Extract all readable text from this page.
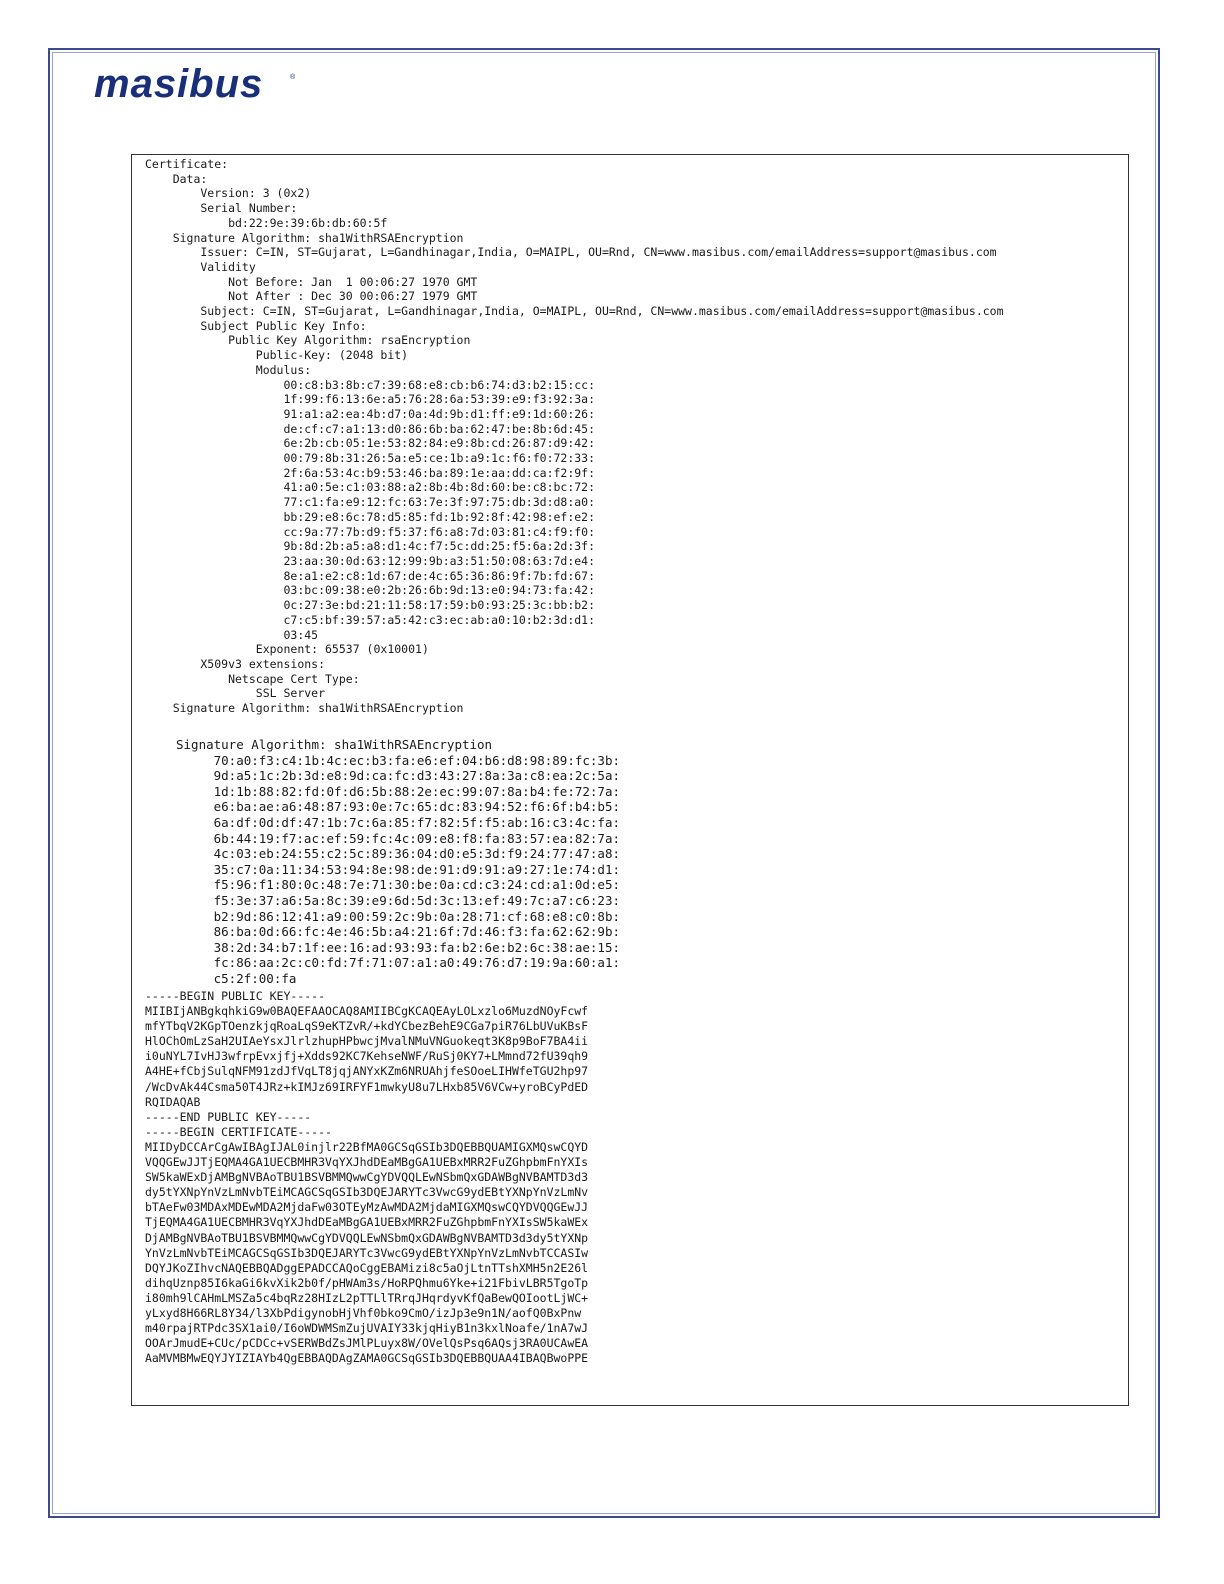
masibus	®
Certificate:
Data:
Version: 3 (0x2)
Serial Number:
bd:22:9e:39:6b:db:60:5f
Signature Algorithm: sha1WithRSAEncryption
Issuer: C=IN, ST=Gujarat, L=Gandhinagar,India, O=MAIPL, OU=Rnd, CN=www.masibus.com/emailAddress=support@masibus.com
Validity
Not Before: Jan  1 00:06:27 1970 GMT
Not After : Dec 30 00:06:27 1979 GMT
Subject: C=IN, ST=Gujarat, L=Gandhinagar,India, O=MAIPL, OU=Rnd, CN=www.masibus.com/emailAddress=support@masibus.com
Subject Public Key Info:
Public Key Algorithm: rsaEncryption
Public-Key: (2048 bit)
Modulus:
00:c8:b3:8b:c7:39:68:e8:cb:b6:74:d3:b2:15:cc:
1f:99:f6:13:6e:a5:76:28:6a:53:39:e9:f3:92:3a:
91:a1:a2:ea:4b:d7:0a:4d:9b:d1:ff:e9:1d:60:26:
de:cf:c7:a1:13:d0:86:6b:ba:62:47:be:8b:6d:45:
6e:2b:cb:05:1e:53:82:84:e9:8b:cd:26:87:d9:42:
00:79:8b:31:26:5a:e5:ce:1b:a9:1c:f6:f0:72:33:
2f:6a:53:4c:b9:53:46:ba:89:1e:aa:dd:ca:f2:9f:
41:a0:5e:c1:03:88:a2:8b:4b:8d:60:be:c8:bc:72:
77:c1:fa:e9:12:fc:63:7e:3f:97:75:db:3d:d8:a0:
bb:29:e8:6c:78:d5:85:fd:1b:92:8f:42:98:ef:e2:
cc:9a:77:7b:d9:f5:37:f6:a8:7d:03:81:c4:f9:f0:
9b:8d:2b:a5:a8:d1:4c:f7:5c:dd:25:f5:6a:2d:3f:
23:aa:30:0d:63:12:99:9b:a3:51:50:08:63:7d:e4:
8e:a1:e2:c8:1d:67:de:4c:65:36:86:9f:7b:fd:67:
03:bc:09:38:e0:2b:26:6b:9d:13:e0:94:73:fa:42:
0c:27:3e:bd:21:11:58:17:59:b0:93:25:3c:bb:b2:
c7:c5:bf:39:57:a5:42:c3:ec:ab:a0:10:b2:3d:d1:
03:45
Exponent: 65537 (0x10001)
X509v3 extensions:
Netscape Cert Type:
SSL Server
Signature Algorithm: sha1WithRSAEncryption
Signature Algorithm: sha1WithRSAEncryption
70:a0:f3:c4:1b:4c:ec:b3:fa:e6:ef:04:b6:d8:98:89:fc:3b:
9d:a5:1c:2b:3d:e8:9d:ca:fc:d3:43:27:8a:3a:c8:ea:2c:5a:
1d:1b:88:82:fd:0f:d6:5b:88:2e:ec:99:07:8a:b4:fe:72:7a:
e6:ba:ae:a6:48:87:93:0e:7c:65:dc:83:94:52:f6:6f:b4:b5:
6a:df:0d:df:47:1b:7c:6a:85:f7:82:5f:f5:ab:16:c3:4c:fa:
6b:44:19:f7:ac:ef:59:fc:4c:09:e8:f8:fa:83:57:ea:82:7a:
4c:03:eb:24:55:c2:5c:89:36:04:d0:e5:3d:f9:24:77:47:a8:
35:c7:0a:11:34:53:94:8e:98:de:91:d9:91:a9:27:1e:74:d1:
f5:96:f1:80:0c:48:7e:71:30:be:0a:cd:c3:24:cd:a1:0d:e5:
f5:3e:37:a6:5a:8c:39:e9:6d:5d:3c:13:ef:49:7c:a7:c6:23:
b2:9d:86:12:41:a9:00:59:2c:9b:0a:28:71:cf:68:e8:c0:8b:
86:ba:0d:66:fc:4e:46:5b:a4:21:6f:7d:46:f3:fa:62:62:9b:
38:2d:34:b7:1f:ee:16:ad:93:93:fa:b2:6e:b2:6c:38:ae:15:
fc:86:aa:2c:c0:fd:7f:71:07:a1:a0:49:76:d7:19:9a:60:a1:
c5:2f:00:fa
-----BEGIN PUBLIC KEY-----
MIIBIjANBgkqhkiG9w0BAQEFAAOCAQ8AMIIBCgKCAQEAyLOLxzlo6MuzdNOyFcwf
mfYTbqV2KGpTOenzkjqRoaLqS9eKTZvR/+kdYCbezBehE9CGa7piR76LbUVuKBsF
HlOChOmLzSaH2UIAeYsxJlrlzhupHPbwcjMvalNMuVNGuokeqt3K8p9BoF7BA4ii
i0uNYL7IvHJ3wfrpEvxjfj+Xdds92KC7KehseNWF/RuSj0KY7+LMmnd72fU39qh9
A4HE+fCbjSulqNFM91zdJfVqLT8jqjANYxKZm6NRUAhjfeSOoeLIHWfeTGU2hp97
/WcDvAk44Csma50T4JRz+kIMJz69IRFYF1mwkyU8u7LHxb85V6VCw+yroBCyPdED
RQIDAQAB
-----END PUBLIC KEY-----
-----BEGIN CERTIFICATE-----
MIIDyDCCArCgAwIBAgIJAL0injlr22BfMA0GCSqGSIb3DQEBBQUAMIGXMQswCQYD
VQQGEwJJTjEQMA4GA1UECBMHR3VqYXJhdDEaMBgGA1UEBxMRR2FuZGhpbmFnYXIs
SW5kaWExDjAMBgNVBAoTBU1BSVBMMQwwCgYDVQQLEwNSbmQxGDAWBgNVBAMTD3d3
dy5tYXNpYnVzLmNvbTEiMCAGCSqGSIb3DQEJARYTc3VwcG9ydEBtYXNpYnVzLmNv
bTAeFw03MDAxMDEwMDA2MjdaFw03OTEyMzAwMDA2MjdaMIGXMQswCQYDVQQGEwJJ
TjEQMA4GA1UECBMHR3VqYXJhdDEaMBgGA1UEBxMRR2FuZGhpbmFnYXIsSW5kaWEx
DjAMBgNVBAoTBU1BSVBMMQwwCgYDVQQLEwNSbmQxGDAWBgNVBAMTD3d3dy5tYXNp
YnVzLmNvbTEiMCAGCSqGSIb3DQEJARYTc3VwcG9ydEBtYXNpYnVzLmNvbTCCASIw
DQYJKoZIhvcNAQEBBQADggEPADCCAQoCggEBAMizi8c5aOjLtnTTshXMH5n2E26l
dihqUznp85I6kaGi6kvXik2b0f/pHWAm3s/HoRPQhmu6Yke+i21FbivLBR5TgoTp
i80mh9lCAHmLMSZa5c4bqRz28HIzL2pTTLlTRrqJHqrdyvKfQaBewQOIootLjWC+
yLxyd8H66RL8Y34/l3XbPdigynobHjVhf0bko9CmO/izJp3e9n1N/aofQ0BxPnw
m40rpajRTPdc3SX1ai0/I6oWDWMSmZujUVAIY33kjqHiyB1n3kxlNoafe/1nA7wJ
OOArJmudE+CUc/pCDCc+vSERWBdZsJMlPLuyx8W/OVelQsPsq6AQsj3RA0UCAwEA
AaMVMBMwEQYJYIZIAYb4QgEBBAQDAgZAMA0GCSqGSIb3DQEBBQUAA4IBAQBwoPPE
